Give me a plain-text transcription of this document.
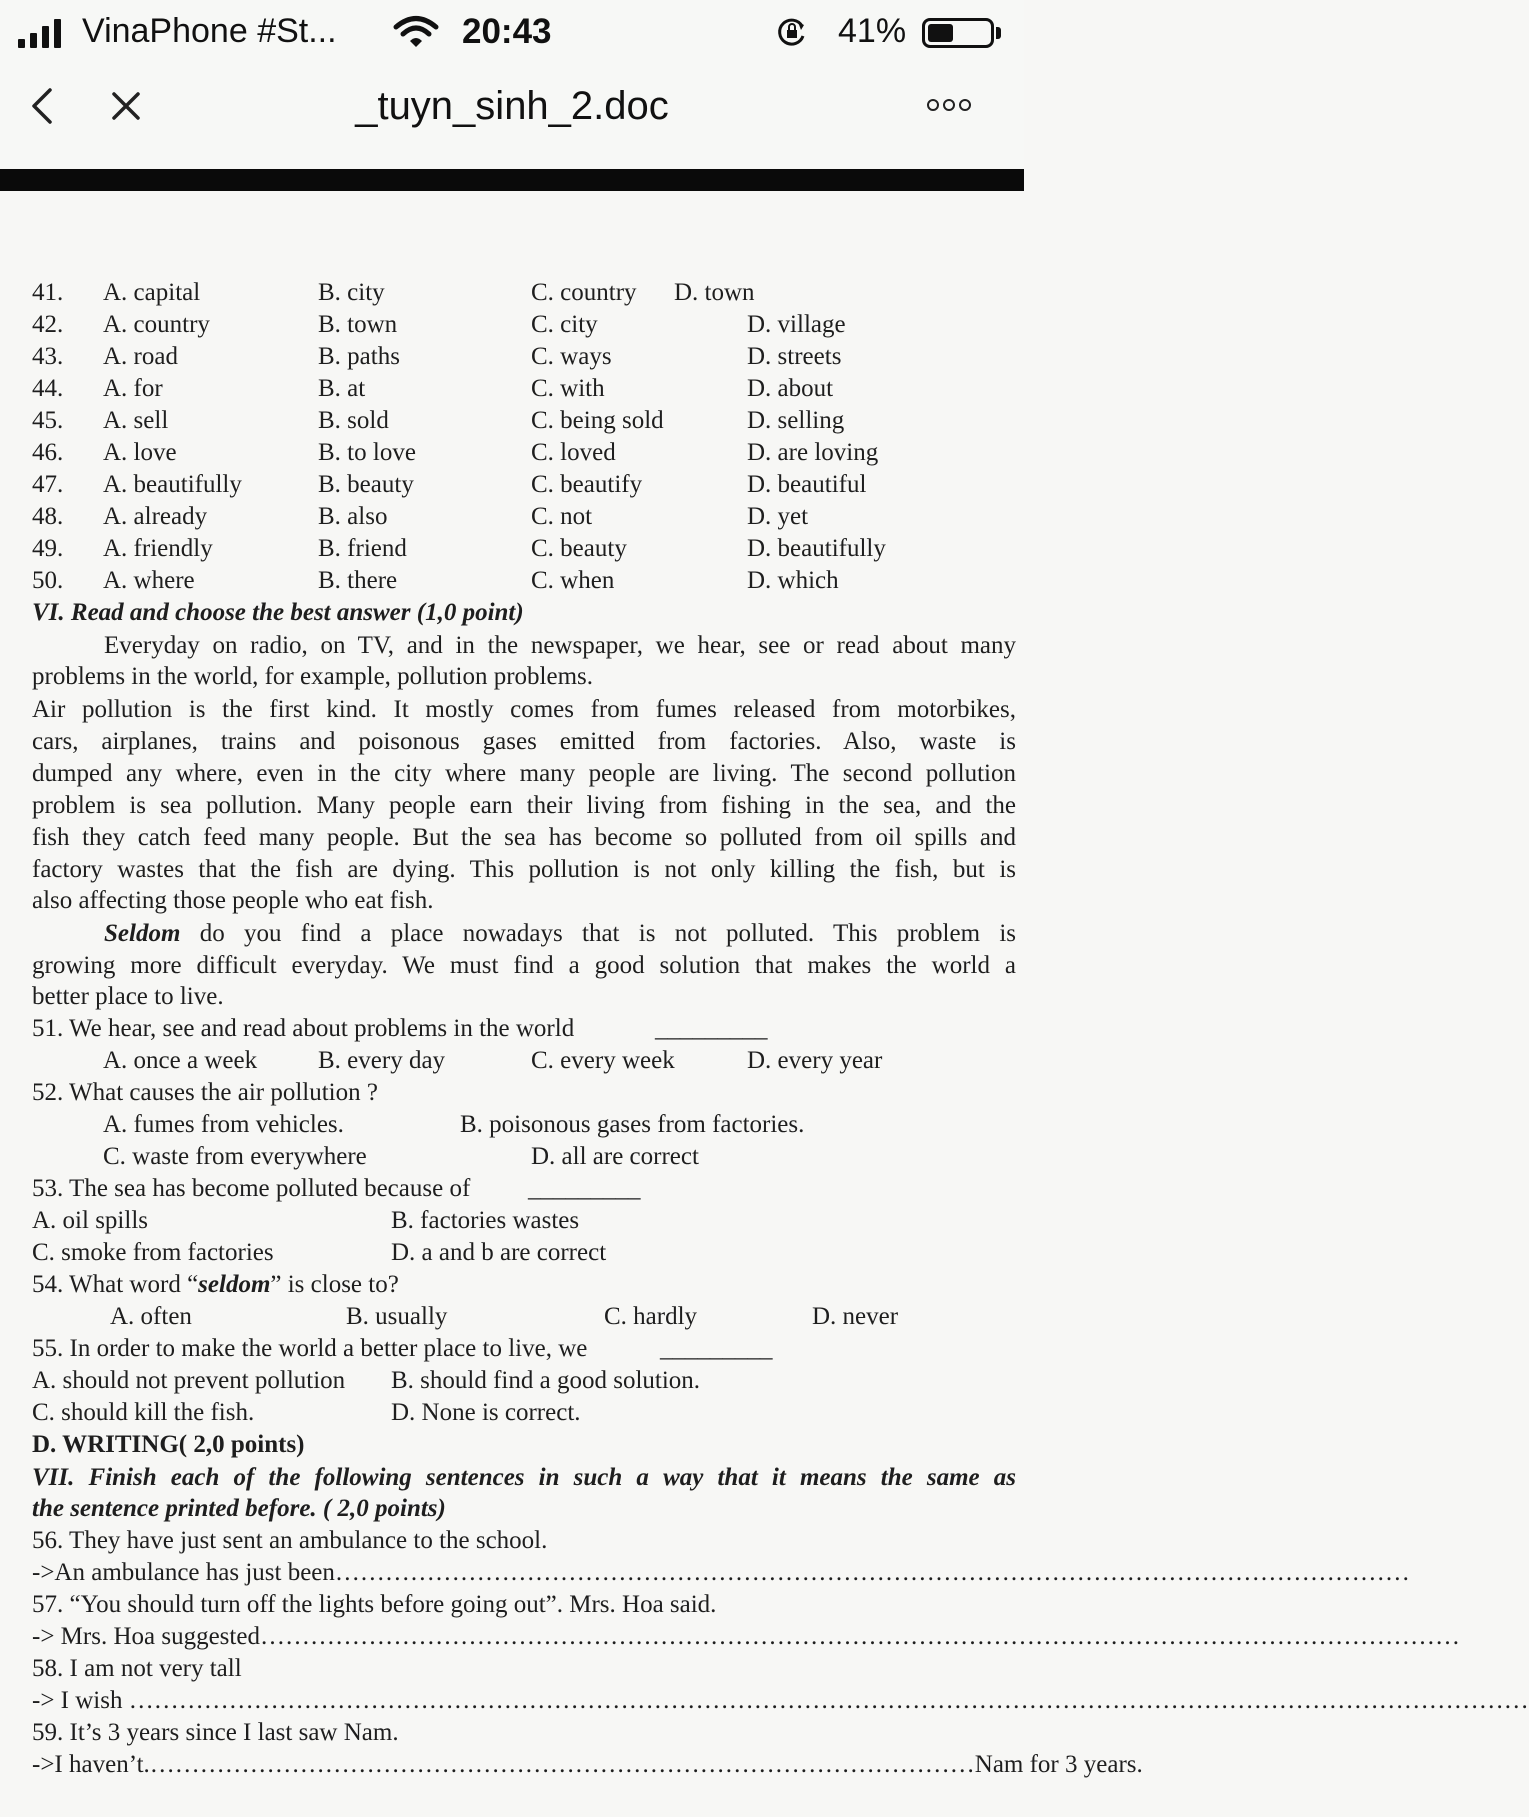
VinaPhone #St...	20:43	41%
_tuyn_sinh_2.doc
41. A. capital	B. city	C. country D. town
42. A. country	B. town	C. city	D. village
43. A. road	B. paths	C. ways	D. streets
44. A. for	B. at	C. with	D. about
45. A. sell	B. sold	C. being sold	D. selling
46. A. love	B. to love	C. loved	D. are loving
47. A. beautifully	B. beauty	C. beautify	D. beautiful
48. A. already	B. also	C. not	D. yet
49. A. friendly	B. friend	C. beauty	D. beautifully
50. A. where	B. there	C. when	D. which
VI. Read and choose the best answer (1,0 point)
Everyday on radio, on TV, and in the newspaper, we hear, see or read about many
problems in the world, for example, pollution problems.
Air pollution is the first kind. It mostly comes from fumes released from motorbikes,
cars, airplanes, trains and poisonous gases emitted from factories. Also, waste is
dumped any where, even in the city where many people are living. The second pollution
problem is sea pollution. Many people earn their living from fishing in the sea, and the
fish they catch feed many people. But the sea has become so polluted from oil spills and
factory wastes that the fish are dying. This pollution is not only killing the fish, but is
also affecting those people who eat fish.
Seldom do you find a place nowadays that is not polluted. This problem is
growing more difficult everyday. We must find a good solution that makes the world a
better place to live.
51. We hear, see and read about problems in the world	_________
A. once a week B. every day	C. every week	D. every year
52. What causes the air pollution ?
A. fumes from vehicles.	B. poisonous gases from factories.
C. waste from everywhere	D. all are correct
53. The sea has become polluted because of _________
A. oil spills	B. factories wastes
C. smoke from factories	D. a and b are correct
54. What word “seldom” is close to?
A. often	B. usually	C. hardly	D. never
55. In order to make the world a better place to live, we	_________
A. should not prevent pollution B. should find a good solution.
C. should kill the fish.	D. None is correct.
D. WRITING( 2,0 points)
VII. Finish each of the following sentences in such a way that it means the same as
the sentence printed before. ( 2,0 points)
56. They have just sent an ambulance to the school.
->An ambulance has just been…………………………………………………………………………………………………………………
57. “You should turn off the lights before going out”. Mrs. Hoa said.
-> Mrs. Hoa suggested………………………………………………………………………………………………………………………………
58. I am not very tall
-> I wish ……………………………………………………………………………………………………………………………………………………
59. It’s 3 years since I last saw Nam.
->I haven’t.………………………………………………………………………………………Nam for 3 years.
